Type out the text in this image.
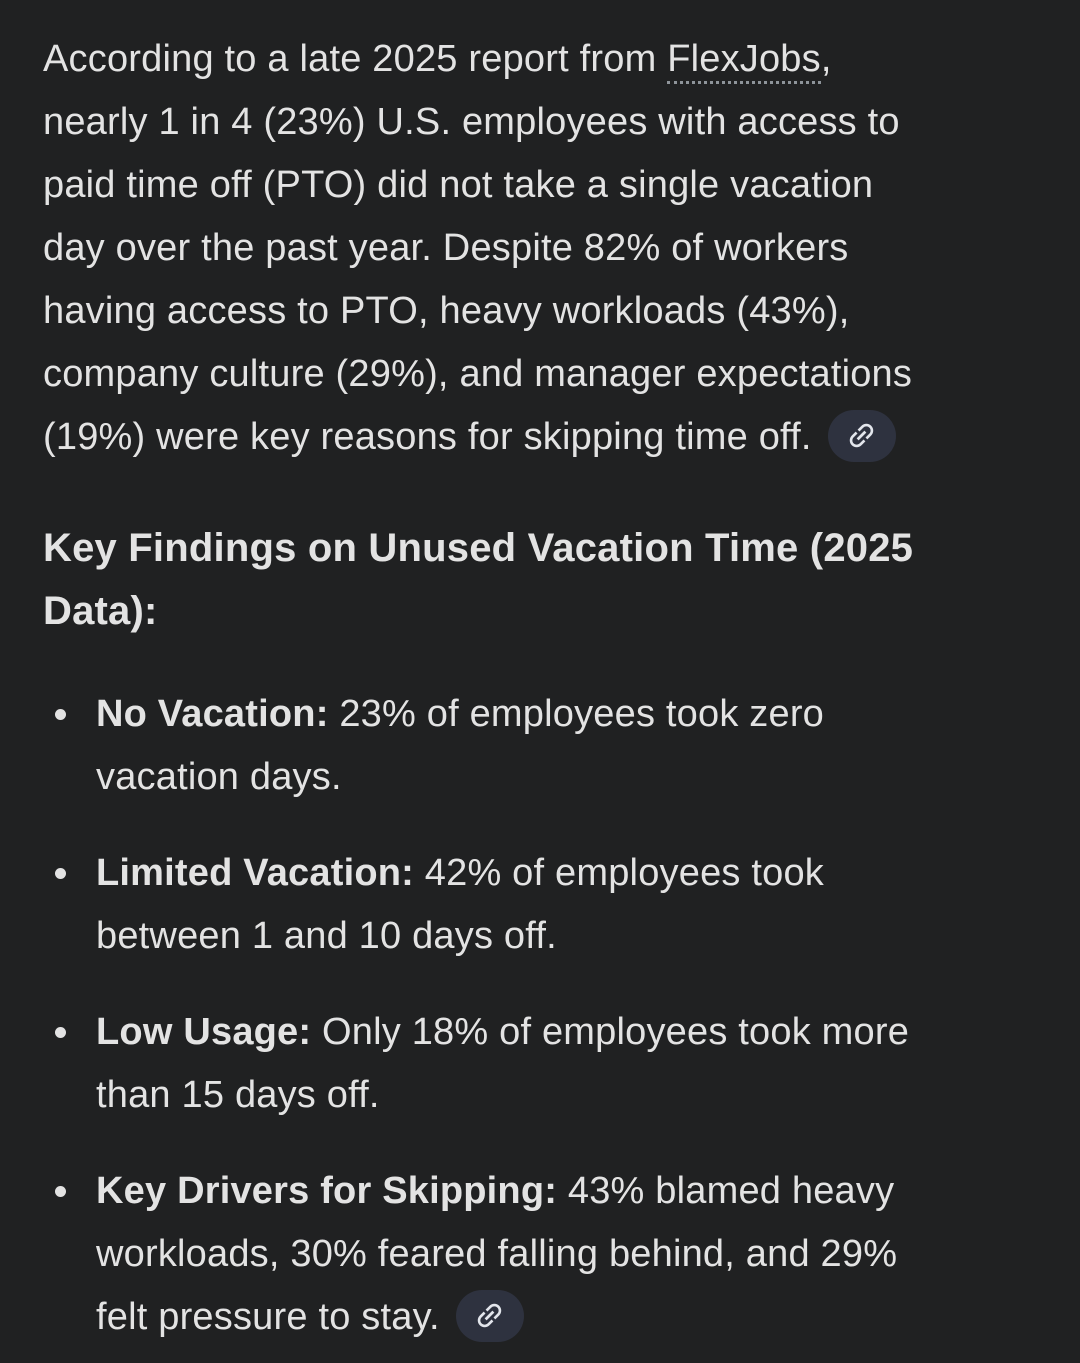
According to a late 2025 report from FlexJobs,
nearly 1 in 4 (23%) U.S. employees with access to
paid time off (PTO) did not take a single vacation
day over the past year. Despite 82% of workers
having access to PTO, heavy workloads (43%),
company culture (29%), and manager expectations
(19%) were key reasons for skipping time off.

Key Findings on Unused Vacation Time (2025
Data):
No Vacation: 23% of employees took zero
vacation days.
Limited Vacation: 42% of employees took
between 1 and 10 days off.
Low Usage: Only 18% of employees took more
than 15 days off.
Key Drivers for Skipping: 43% blamed heavy
workloads, 30% feared falling behind, and 29%
felt pressure to stay.
